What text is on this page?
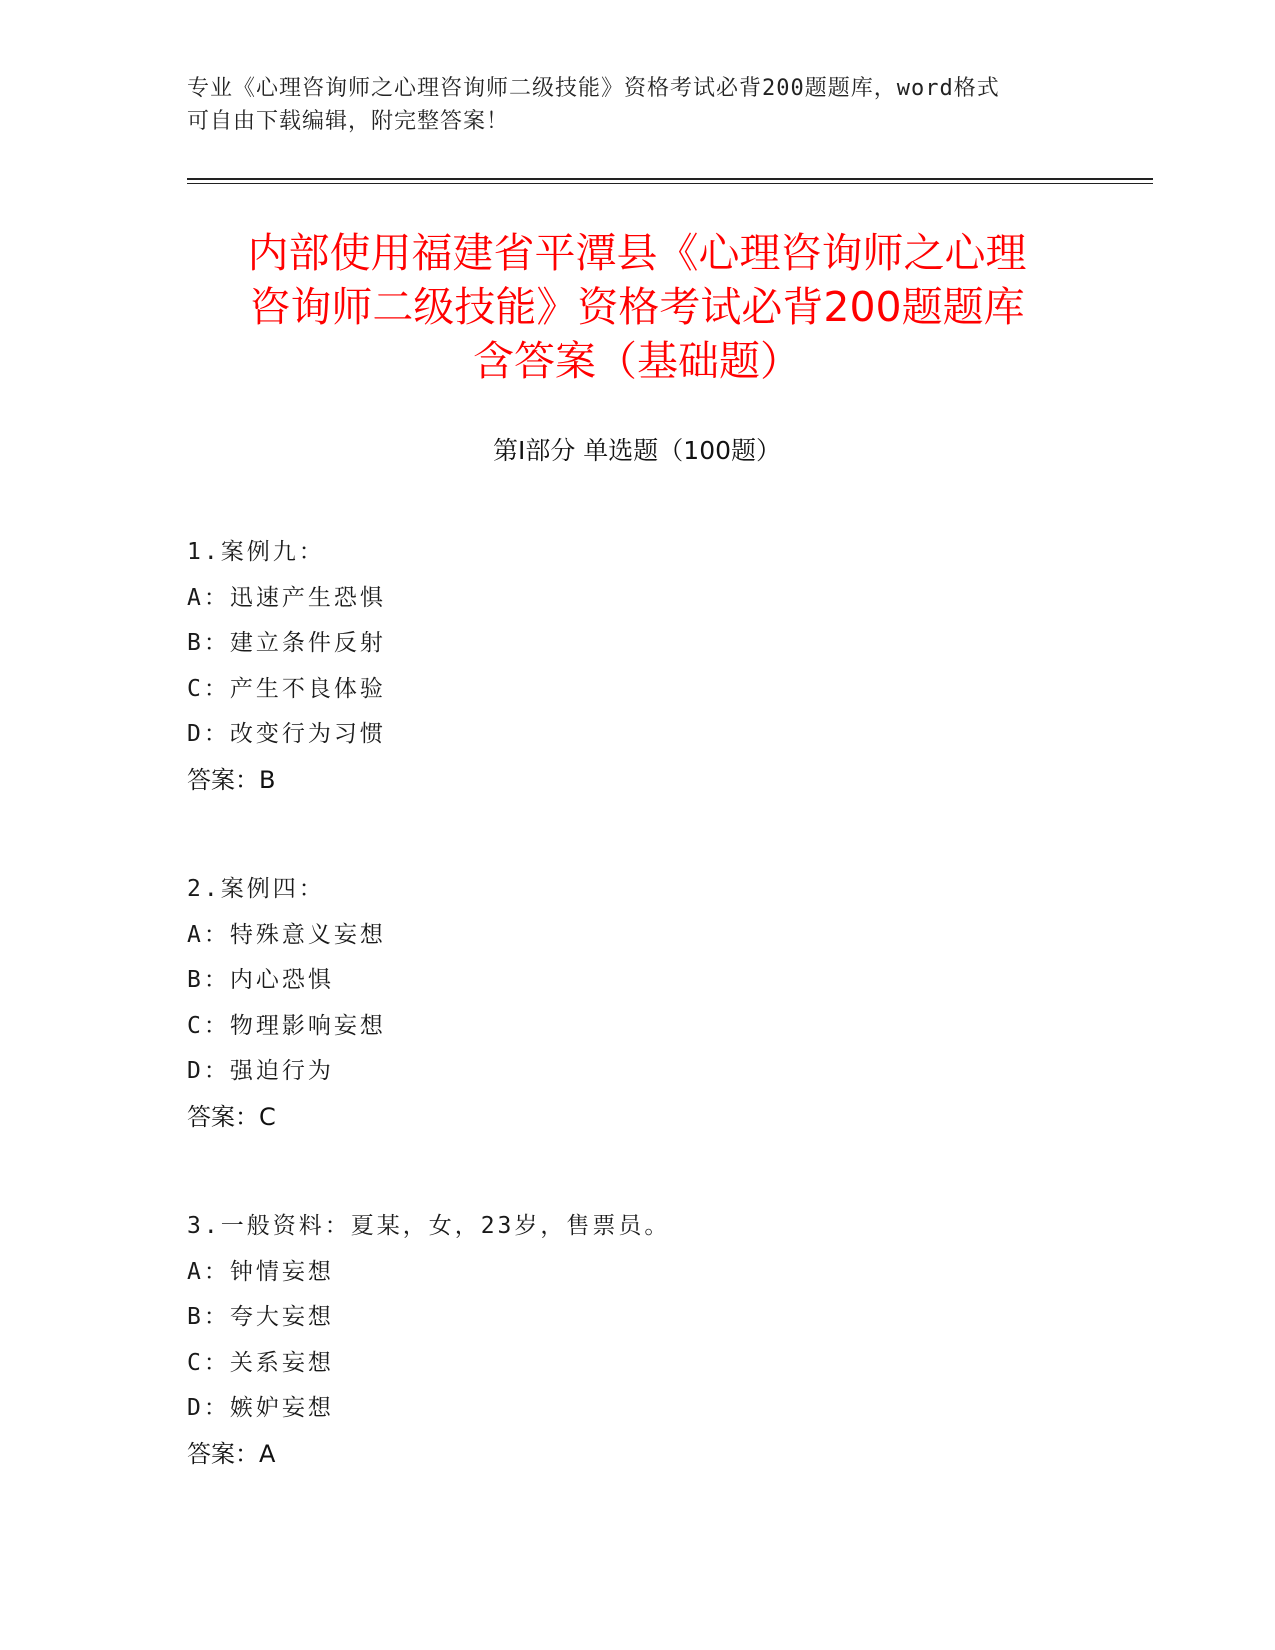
专业《心理咨询师之心理咨询师二级技能》资格考试必背200题题库，word格式
可自由下载编辑，附完整答案！
内部使用福建省平潭县《心理咨询师之心理
咨询师二级技能》资格考试必背200题题库
含答案（基础题）
第Ⅰ部分 单选题（100题）
1.案例九：
A：迅速产生恐惧
B：建立条件反射
C：产生不良体验
D：改变行为习惯
答案：B
2.案例四：
A：特殊意义妄想
B：内心恐惧
C：物理影响妄想
D：强迫行为
答案：C
3.一般资料：夏某，女，23岁，售票员。
A：钟情妄想
B：夸大妄想
C：关系妄想
D：嫉妒妄想
答案：A
